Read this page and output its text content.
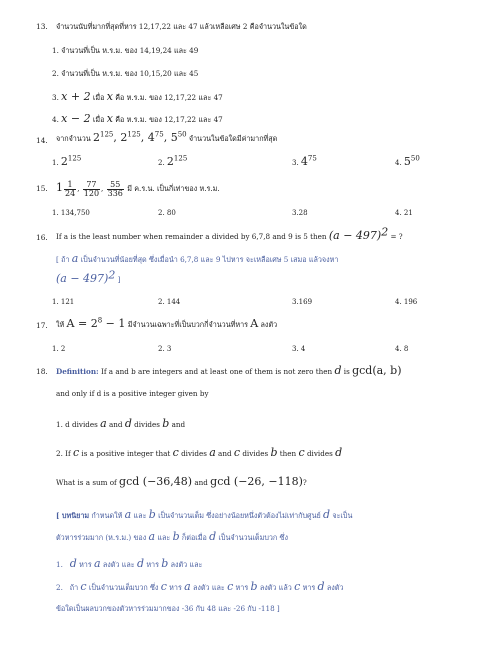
13. จำนวนนับที่มากที่สุดที่หาร 12,17,22 และ 47 แล้วเหลือเศษ 2 คือจำนวนในข้อใด
1. จำนวนที่เป็น ห.ร.ม. ของ 14,19,24 และ 49
2. จำนวนที่เป็น ห.ร.ม. ของ 10,15,20 และ 45
3. x + 2 เมื่อ x คือ ห.ร.ม. ของ 12,17,22 และ 47
4. x − 2 เมื่อ x คือ ห.ร.ม. ของ 12,17,22 และ 47
14. จากจำนวน $2^{125}$, $2^{125}$, $4^{75}$, $5^{50}$ จำนวนในข้อใดมีค่ามากที่สุด
1. $2^{125}$
2. $2^{125}$
3. $4^{75}$
4. $5^{50}$
15. $1 \frac{1}{24}$ , $\frac{77}{120}$ , $\frac{55}{336}$ มี ค.ร.น. เป็นกี่เท่าของ ห.ร.ม.
1. 134,750	2. 80	3.28	4. 21
16. If a is the least number when remainder a divided by 6,7,8 and 9 is 5 then $(a - 497)^2$ = ?
[ ถ้า a เป็นจำนวนที่น้อยที่สุด ซึ่งเมื่อนำ 6,7,8 และ 9 ไปหาร จะเหลือเศษ 5 เสมอ แล้วจงหา
$(a - 497)^2$ ]
1. 121	2. 144	3.169	4. 196
17. ให้ $A = 2^8 - 1$ มีจำนวนเฉพาะที่เป็นบวกกี่จำนวนที่หาร A ลงตัว
1. 2	2. 3	3. 4	4. 8
18. Definition: If a and b are integers and at least one of them is not zero then d is gcd(a, b)
and only if d is a positive integer given by
1. d divides a and d divides b and
2. If c is a positive integer that c divides a and c divides b then c divides d
What is a sum of gcd (−36,48) and gcd (−26, −118)?
[ บทนิยาม กำหนดให้ a และ b เป็นจำนวนเต็ม ซึ่งอย่างน้อยหนึ่งตัวต้องไม่เท่ากับศูนย์ d จะเป็น
ตัวหารร่วมมาก (ห.ร.ม.) ของ a และ b ก็ต่อเมื่อ d เป็นจำนวนเต็มบวก ซึ่ง
1. d หาร a ลงตัว และ d หาร b ลงตัว และ
2. ถ้า c เป็นจำนวนเต็มบวก ซึ่ง c หาร a ลงตัว และ c หาร b ลงตัว แล้ว c หาร d ลงตัว
ข้อใดเป็นผลบวกของตัวหารร่วมมากของ -36 กับ 48 และ -26 กับ -118 ]
